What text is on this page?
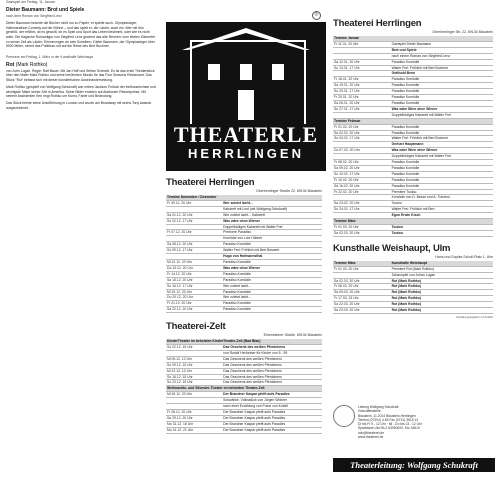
Gastspiel am Freitag, 11. Januar

Dieter Baumann: Brot und Spiele

nach dem Roman von Siegfried Lenz

Dieter Baumann brachte die Bücher nicht nur zu Papier, er spielte auch. Olympiasieger, Halbmarathon-Comedy auf der Bühne – und das spielt er, der Läufer, auch ein. Wer mit ihm genießt, der erfährt, ob es gewollt, ob es Spiel und Sport das Leben bestimmt, oder wie es nicht wahr. Die tragische Romanfigur von Siegfried Lenz gewinnt das alte Rennen: vom letzten Kilometer zu seiner Zeit als Läufer, Erinnerungen an sein Scheitern. Dieter Baumann, der Olympiasieger über 5000 Meter, nimmt das Publikum mit auf die Reise des Bert Buchner.

Premiere am Freitag, 1. März in der Kunsthalle Weishaupt

Rot (Mark Rothko)

von John Logan. Regie: Ralf Bauer. Mit Jan Hoff und Stefan Schmidt. Es ist das erste Theaterstück über den Maler Mark Rothko und seine berühmten Murals für das Four Seasons Restaurant. Das Stück "Rot" befasst sich mit dieser künstlerischen Auseinandersetzung.

Mark Rothko (gespielt von Wolfgang Schukraft) war neben Jackson Pollock der einflussreichste und wichtigste Maler seiner Zeit in Amerika. Seine Bilder erzielen auf Auktionen Rekordpreise. Mit seinem Assistenten Ken ringt Rothko um Kunst, Farbe und Bedeutung.

Das Stück feierte seine Uraufführung in London und wurde am Broadway mit sechs Tony Awards ausgezeichnet.

THEATERLE
HERRLINGEN
Theaterei Herrlingen
Oberherrlinger Straße 22, 89134 Blaustein
Termine November / Dezember	
Fr 30.11. 20 Uhr	Wer zuletzt lacht...
	Kabarett mit Lind (mit Wolfgang Schukraft)
Sa 01.12. 20 Uhr	Wer zuletzt lacht... Kabarett
So 02.12. 17 Uhr	Was wäre ohne Wiener
	Doppelbödiges Kabarett mit Walter Frei
Fr 07.12. 20 Uhr	Premiere Paradiso
	Komödie von Lutz Hübner
Sa 08.12. 20 Uhr	Paradiso Komödie
So 09.12. 17 Uhr	Walter Frei: Fröhlich mit Bert Boswert
	Hugo von Hofmannsthal
Mi 12.12. 20 Uhr	Paradiso Komödie
Do 13.12. 20 Uhr	Was wäre ohne Wiener
Fr 14.12. 20 Uhr	Paradiso Komödie
Sa 15.12. 20 Uhr	Paradiso Komödie
So 16.12. 17 Uhr	Wer zuletzt lacht...
Mi 19.12. 20 Uhr	Paradiso Komödie
Do 20.12. 20 Uhr	Wer zuletzt lacht...
Fr 21.12. 20 Uhr	Paradiso Komödie
Sa 22.12. 20 Uhr	Paradiso Komödie
Theaterei-Zelt
Ehrensteiner Straße, 89134 Blaustein
KinderTheater im beheizten KinderTheater-Zelt (Bad Blau)	
So 02.12. 15 Uhr	Das Geschenk des weißen Pferdchens
	von Rudolf Herfurtner für Kinder von 5 - 99
Mi 05.12. 10 Uhr	Das Geschenk des weißen Pferdchens
So 09.12. 15 Uhr	Das Geschenk des weißen Pferdchens
Mi 12.12. 10 Uhr	Das Geschenk des weißen Pferdchens
So 16.12. 15 Uhr	Das Geschenk des weißen Pferdchens
So 23.12. 15 Uhr	Das Geschenk des weißen Pferdchens
Weihnachts- und Silvester-Theater im beheizten Theater-Zelt	
Mi 26.12. 20 Uhr	Der Brandner Kaspar pfeift aufs Paradies
	Schwänke, Volksstück von Jürgen Widmer
	nach einer Erzählung von Franz von Kobell
Fr 28.12. 20 Uhr	Der Brandner Kaspar pfeift aufs Paradies
Sa 29.12. 20 Uhr	Der Brandner Kaspar pfeift aufs Paradies
Mo 31.12. 18 Uhr	Der Brandner Kaspar pfeift aufs Paradies
Mo 31.12. 21 Uhr	Der Brandner Kaspar pfeift aufs Paradies
®
Theaterei Herrlingen
Oberherrlinger Str. 22, 89134 Blaustein
Termine Januar	
Fr 11.01. 20 Uhr	Gastspiel Dieter Baumann
	Brot und Spiele
	nach einem Roman von Siegfried Lenz
Sa 12.01. 20 Uhr	Paradiso Komödie
So 13.01. 17 Uhr	Walter Frei: Fröhlich mit Bert Buchner
	Gotthold Benn
Fr 18.01. 20 Uhr	Paradiso Komödie
Sa 19.01. 20 Uhr	Paradiso Komödie
So 20.01. 17 Uhr	Paradiso Komödie
Fr 25.01. 20 Uhr	Paradiso Komödie
Sa 26.01. 20 Uhr	Paradiso Komödie
So 27.01. 17 Uhr	Was wäre Wien ohne Wiener
	Doppelbödiges Kabarett mit Walter Frei
Termine Februar	
Fr 01.02. 20 Uhr	Paradiso Komödie
Sa 02.02. 20 Uhr	Paradiso Komödie
So 03.02. 17 Uhr	Walter Frei: Fröhlich mit Bert Buchner
	Gerhart Hauptmann
Do 07.02. 20 Uhr	Was wäre Wien ohne Wiener
	Doppelbödiges Kabarett mit Walter Frei
Fr 08.02. 20 Uhr	Paradiso Komödie
Sa 09.02. 20 Uhr	Paradiso Komödie
So 10.02. 17 Uhr	Paradiso Komödie
Fr 15.02. 20 Uhr	Paradiso Komödie
Sa 16.02. 20 Uhr	Paradiso Komödie
Fr 22.02. 20 Uhr	Premiere Toutou
	Komödie von D. Besse und A. Tuloreul
Sa 23.02. 20 Uhr	Toutou
So 24.02. 17 Uhr	Walter Frei: Fröhlich mit Bert
	Egon Erwin Kisch
Termine März	
Fr 01.03. 20 Uhr	Toutou
Sa 02.03. 20 Uhr	Toutou
Kunsthalle Weishaupt, Ulm
Hans und Sophie-Scholl-Platz 1, Ulm
Termine März	Kunsthalle Weishaupt
Fr 01.03. 20 Uhr	Premiere Rot (Mark Rothko)
	Schauspiel von Johan Logan
Sa 02.03. 20 Uhr	Rot (Mark Rothko)
Fr 08.03. 20 Uhr	Rot (Mark Rothko)
Sa 09.03. 20 Uhr	Rot (Mark Rothko)
Fr 17.03. 15 Uhr	Rot (Mark Rothko)
Sa 22.03. 20 Uhr	Rot (Mark Rothko)
Sa 23.03. 20 Uhr	Rot (Mark Rothko)
Gestaltungsangaben mit Anfahrt
Leitung Wolfgang Schukraft
Geschäftsstelle:
Blaustein, 11.2014 Blaustein-Herrlingen
Telefon (07304) 4-65 Fax (0731) 3618 13
Di bis Fr 9 - 12 Uhr · Mi - Do bis 13 - 12 Uhr
Sparkasse Ulm BLZ 63050000, Kto 34810
info@theaterei.de
www.theaterei.de
Theaterleitung: Wolfgang Schukraft
